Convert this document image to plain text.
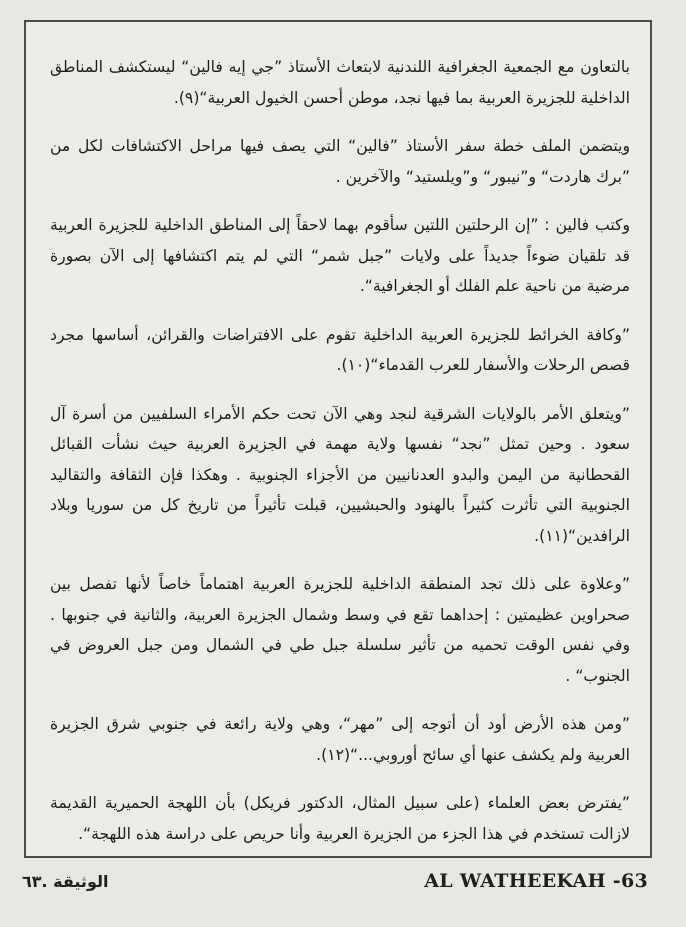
بالتعاون مع الجمعية الجغرافية اللندنية لابتعاث الأستاذ ”جي إيه فالين“ ليستكشف المناطق الداخلية للجزيرة العربية بما فيها نجد، موطن أحسن الخيول العربية“(٩).

ويتضمن الملف خطة سفر الأستاذ ”فالين“ التي يصف فيها مراحل الاكتشافات لكل من ”برك هاردت“ و”نيبور“ و”ويلستيد“ والآخرين .

وكتب فالين : ”إن الرحلتين اللتين سأقوم بهما لاحقاً إلى المناطق الداخلية للجزيرة العربية قد تلقيان ضوءاً جديداً على ولايات ”جبل شمر“ التي لم يتم اكتشافها إلى الآن بصورة مرضية من ناحية علم الفلك أو الجغرافية“.

”وكافة الخرائط للجزيرة العربية الداخلية تقوم على الافتراضات والقرائن، أساسها مجرد قصص الرحلات والأسفار للعرب القدماء“(١٠).

”ويتعلق الأمر بالولايات الشرقية لنجد وهي الآن تحت حكم الأمراء السلفيين من أسرة آل سعود . وحين تمثل ”نجد“ نفسها ولاية مهمة في الجزيرة العربية حيث نشأت القبائل القحطانية من اليمن والبدو العدنانيين من الأجزاء الجنوبية . وهكذا فإن الثقافة والتقاليد الجنوبية التي تأثرت كثيراً بالهنود والحبشيين، قبلت تأثيراً من تاريخ كل من سوريا وبلاد الرافدين“(١١).

”وعلاوة على ذلك تجد المنطقة الداخلية للجزيرة العربية اهتماماً خاصاً لأنها تفصل بين صحراوين عظيمتين : إحداهما تقع في وسط وشمال الجزيرة العربية، والثانية في جنوبها . وفي نفس الوقت تحميه من تأثير سلسلة جبل طي في الشمال ومن جبل العروض في الجنوب“ .

”ومن هذه الأرض أود أن أتوجه إلى ”مهر“، وهي ولاية رائعة في جنوبي شرق الجزيرة العربية ولم يكشف عنها أي سائح أوروبي...“(١٢).

”يفترض بعض العلماء (على سبيل المثال، الدكتور فريكل) بأن اللهجة الحميرية القديمة لازالت تستخدم في هذا الجزء من الجزيرة العربية وأنا حريص على دراسة هذه اللهجة“.

الوثيقة .٦٣	AL WATHEEKAH -63
